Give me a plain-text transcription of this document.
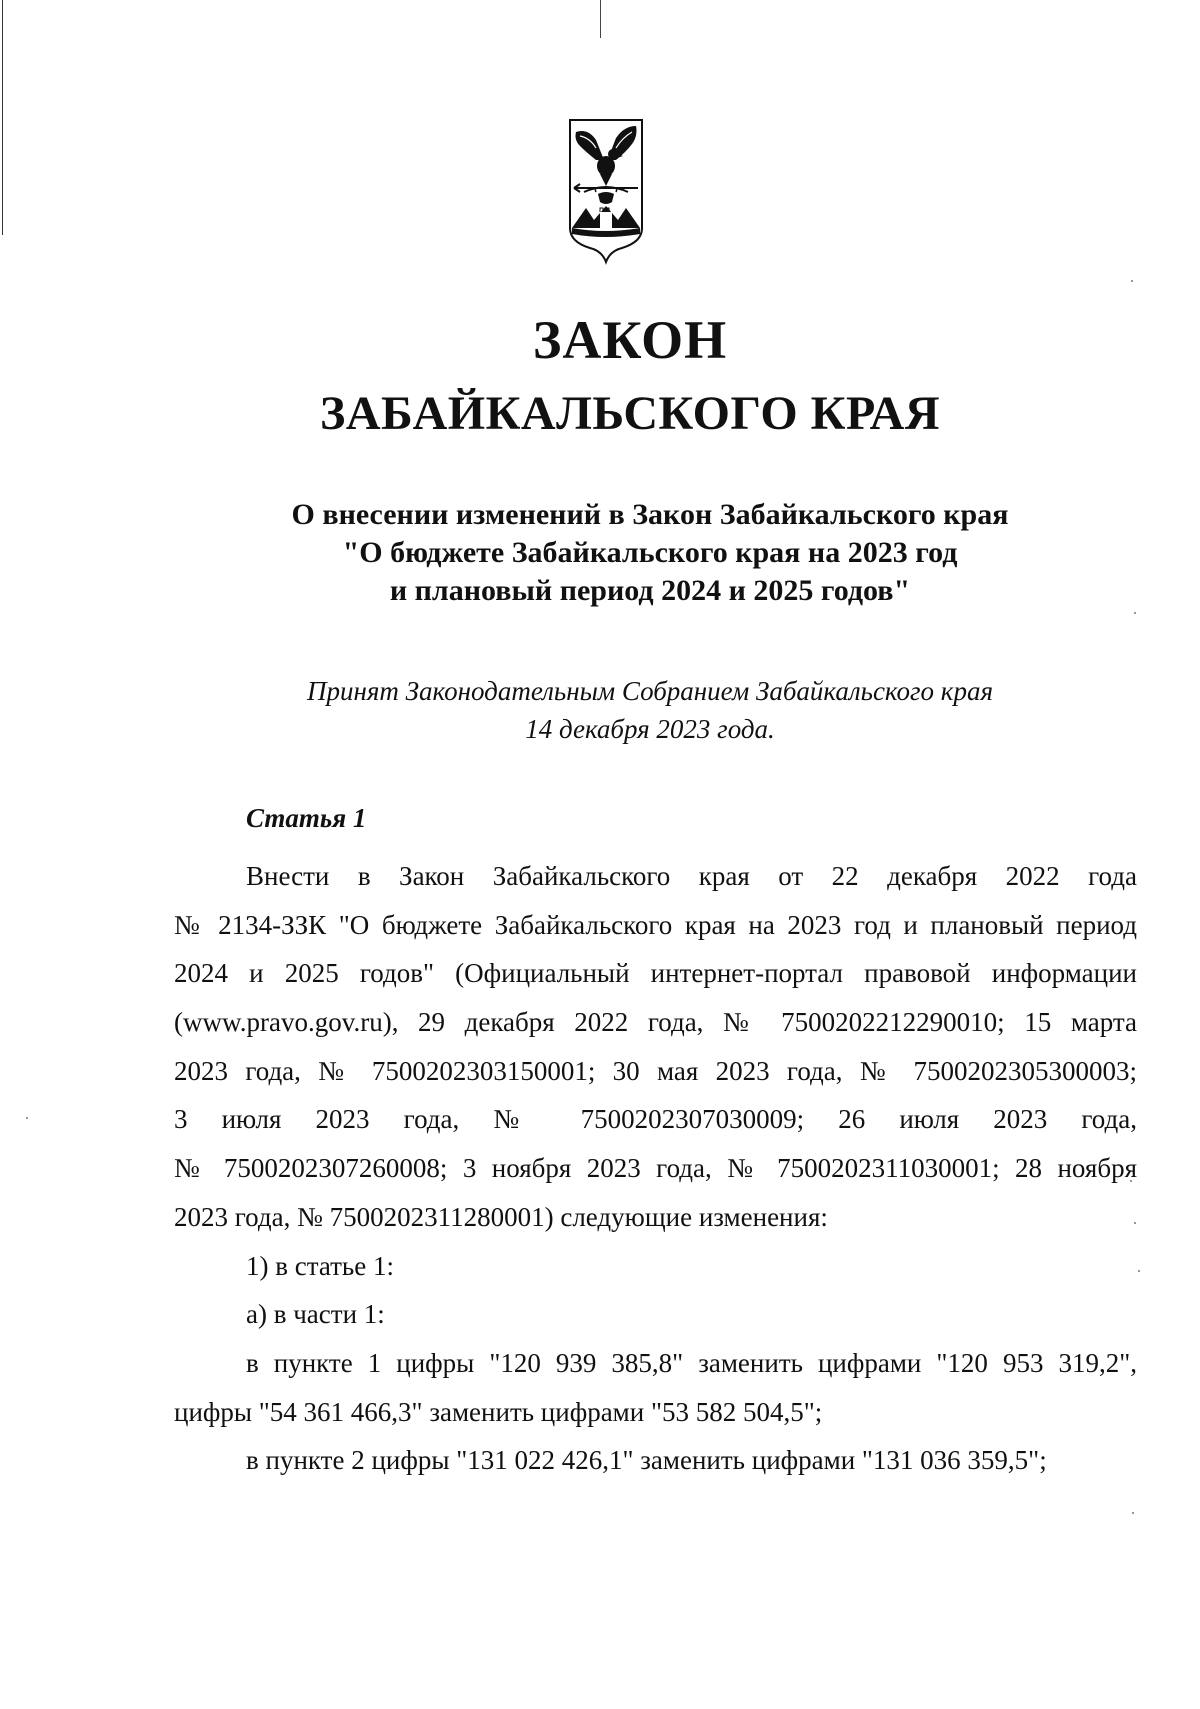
ЗАКОН
ЗАБАЙКАЛЬСКОГО КРАЯ
О внесении изменений в Закон Забайкальского края
"О бюджете Забайкальского края на 2023 год
и плановый период 2024 и 2025 годов"
Принят Законодательным Собранием Забайкальского края
14 декабря 2023 года.
Статья 1
Внести в Закон Забайкальского края от 22 декабря 2022 года
№ 2134-ЗЗК "О бюджете Забайкальского края на 2023 год и плановый период
2024 и 2025 годов" (Официальный интернет-портал правовой информации
(www.pravo.gov.ru), 29 декабря 2022 года, № 7500202212290010; 15 марта
2023 года, № 7500202303150001; 30 мая 2023 года, № 7500202305300003;
3 июля 2023 года, № 7500202307030009; 26 июля 2023 года,
№ 7500202307260008; 3 ноября 2023 года, № 7500202311030001; 28 ноября
2023 года, № 7500202311280001) следующие изменения:
1) в статье 1:
а) в части 1:
в пункте 1 цифры "120 939 385,8" заменить цифрами "120 953 319,2",
цифры "54 361 466,3" заменить цифрами "53 582 504,5";
в пункте 2 цифры "131 022 426,1" заменить цифрами "131 036 359,5";
